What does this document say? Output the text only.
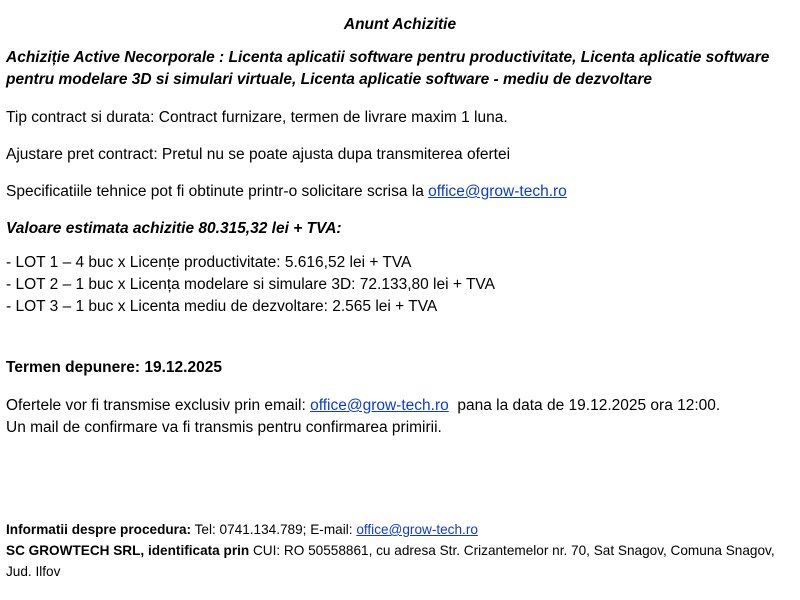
Anunt Achizitie

Achiziție Active Necorporale : Licenta aplicatii software pentru productivitate, Licenta aplicatie software pentru modelare 3D si simulari virtuale, Licenta aplicatie software - mediu de dezvoltare

Tip contract si durata: Contract furnizare, termen de livrare maxim 1 luna.

Ajustare pret contract: Pretul nu se poate ajusta dupa transmiterea ofertei

Specificatiile tehnice pot fi obtinute printr-o solicitare scrisa la office@grow-tech.ro

Valoare estimata achizitie 80.315,32 lei + TVA:

- LOT 1 – 4 buc x Licențe productivitate: 5.616,52 lei + TVA

- LOT 2 – 1 buc x Licența modelare si simulare 3D: 72.133,80 lei + TVA

- LOT 3 – 1 buc x Licenta mediu de dezvoltare: 2.565 lei + TVA

Termen depunere: 19.12.2025

Ofertele vor fi transmise exclusiv prin email: office@grow-tech.ro  pana la data de 19.12.2025 ora 12:00.
Un mail de confirmare va fi transmis pentru confirmarea primirii.

Informatii despre procedura: Tel: 0741.134.789; E-mail: office@grow-tech.ro

SC GROWTECH SRL, identificata prin CUI: RO 50558861, cu adresa Str. Crizantemelor nr. 70, Sat Snagov, Comuna Snagov, Jud. Ilfov
